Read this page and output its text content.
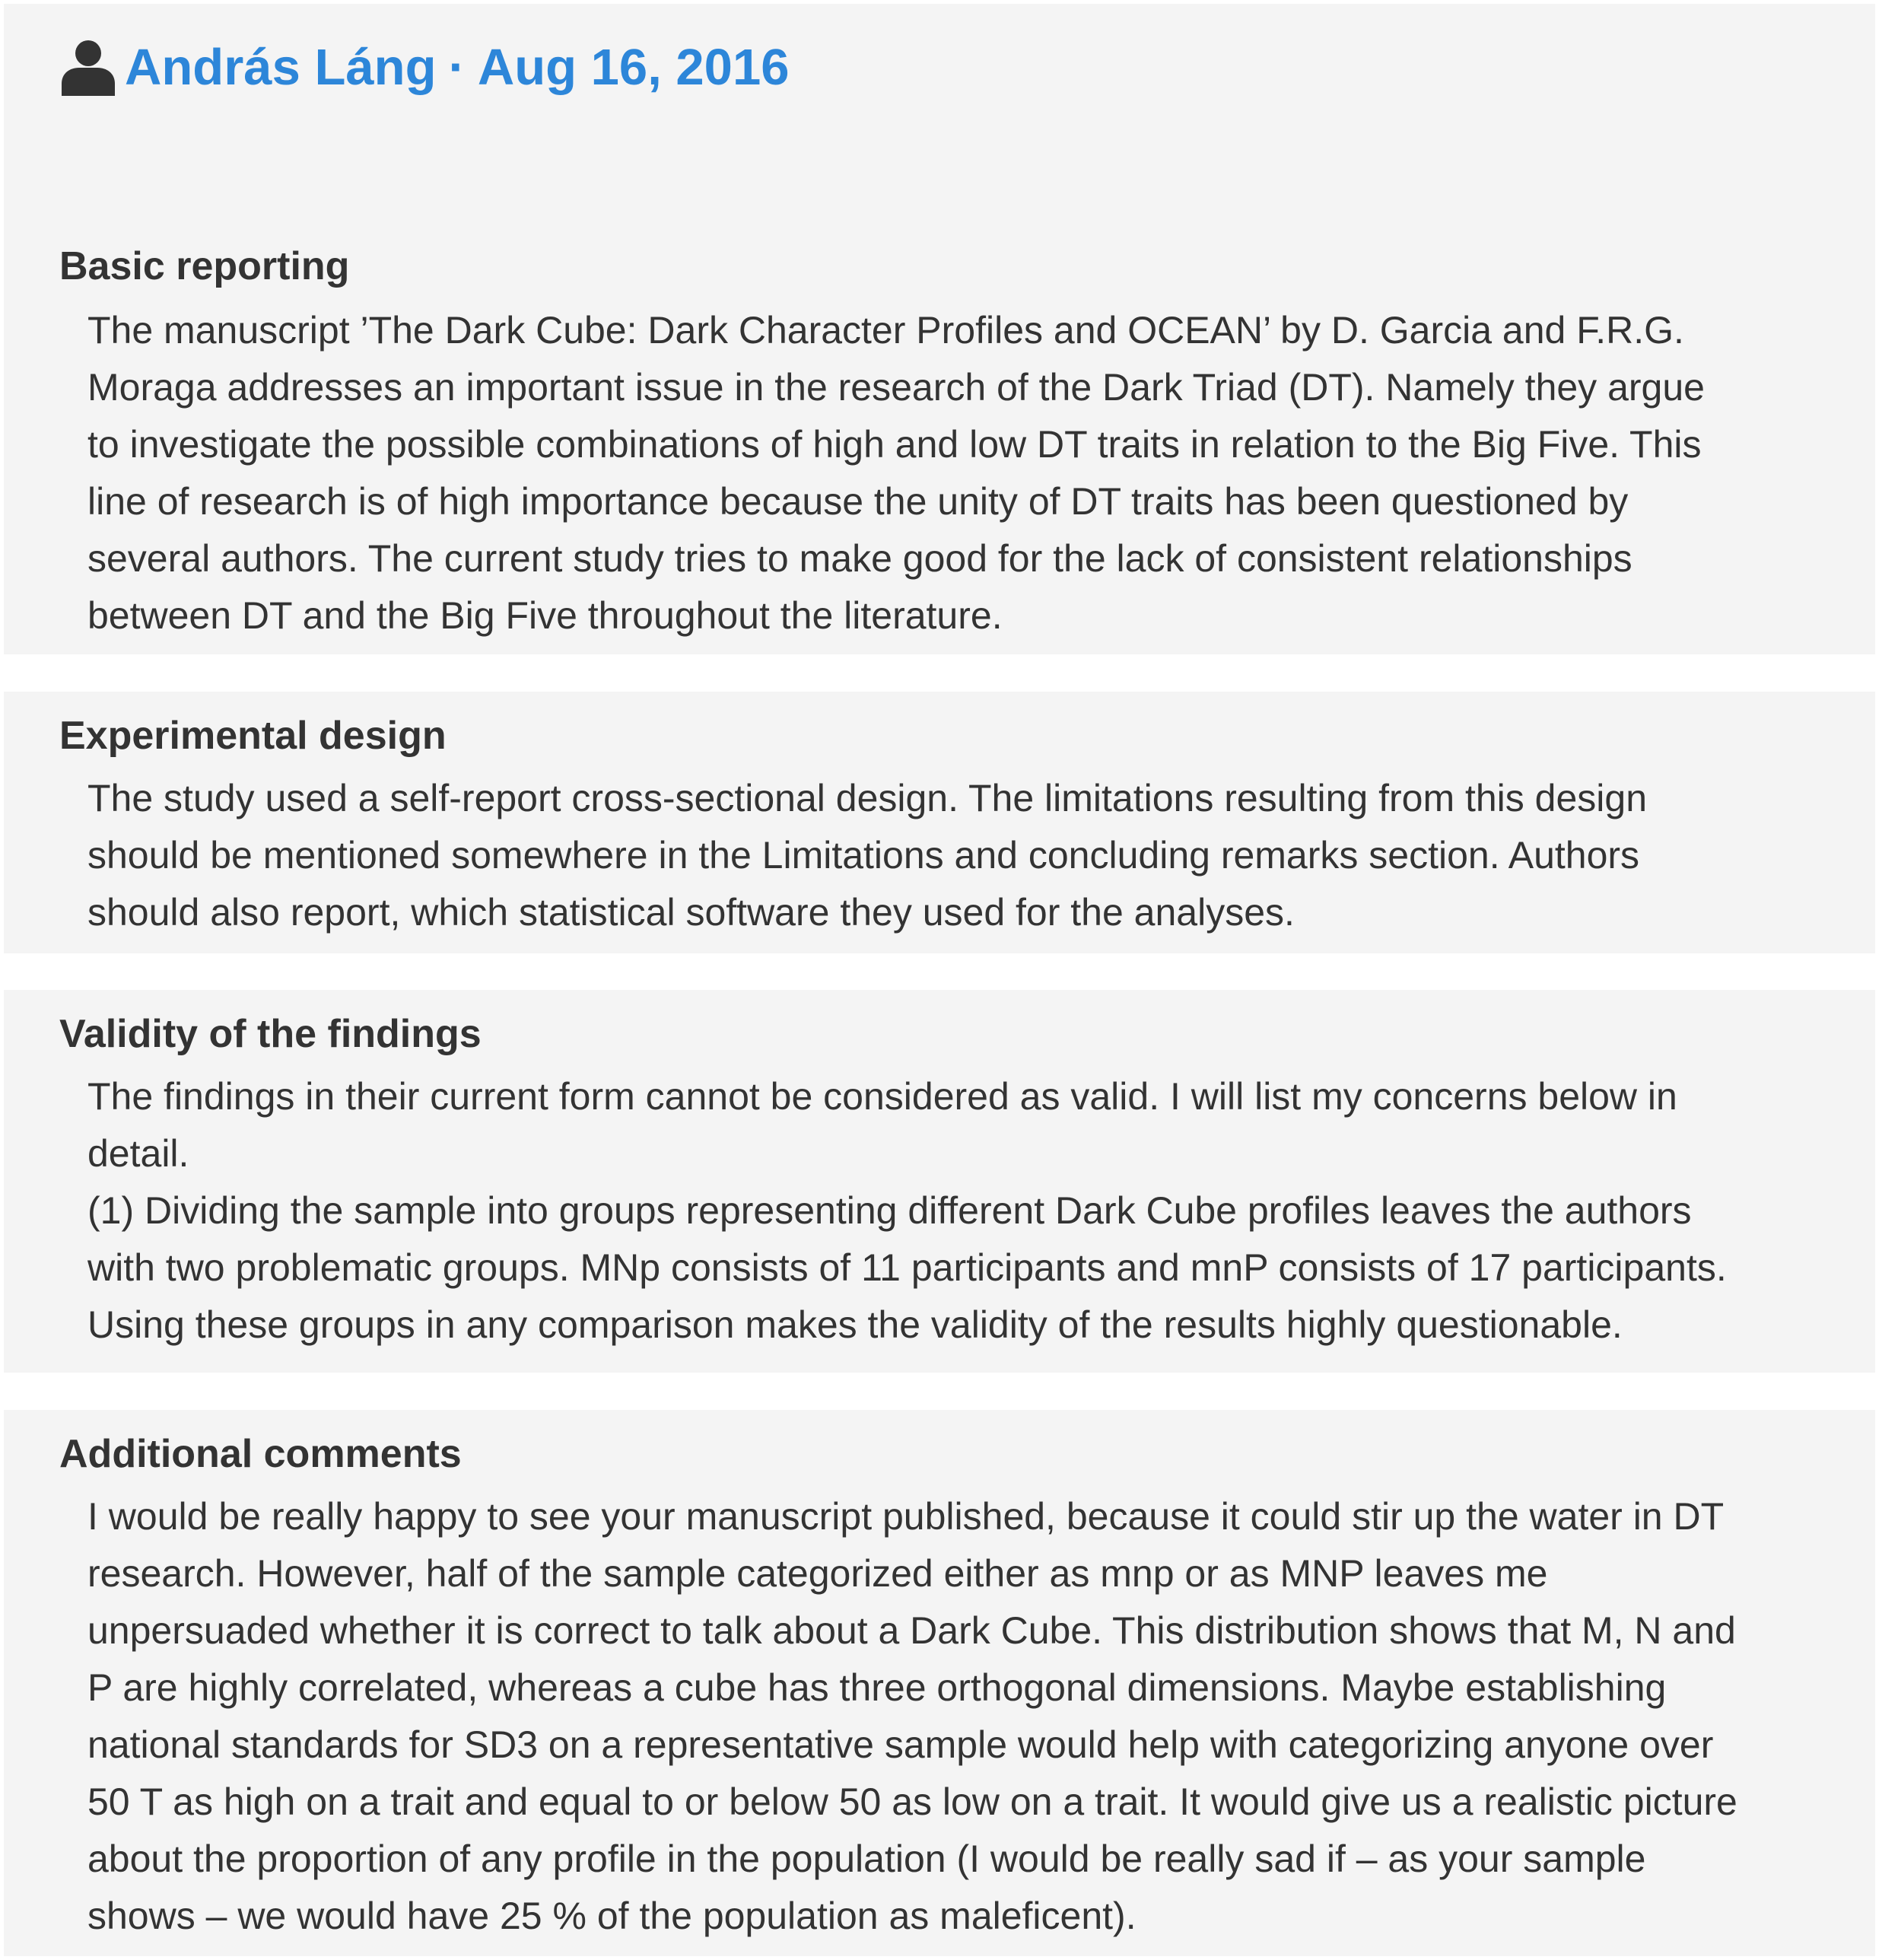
András Láng · Aug 16, 2016
Basic reporting
The manuscript ’The Dark Cube: Dark Character Profiles and OCEAN’ by D. Garcia and F.R.G.
Moraga addresses an important issue in the research of the Dark Triad (DT). Namely they argue
to investigate the possible combinations of high and low DT traits in relation to the Big Five. This
line of research is of high importance because the unity of DT traits has been questioned by
several authors. The current study tries to make good for the lack of consistent relationships
between DT and the Big Five throughout the literature.
Experimental design
The study used a self-report cross-sectional design. The limitations resulting from this design
should be mentioned somewhere in the Limitations and concluding remarks section. Authors
should also report, which statistical software they used for the analyses.
Validity of the findings
The findings in their current form cannot be considered as valid. I will list my concerns below in
detail.
(1) Dividing the sample into groups representing different Dark Cube profiles leaves the authors
with two problematic groups. MNp consists of 11 participants and mnP consists of 17 participants.
Using these groups in any comparison makes the validity of the results highly questionable.
Additional comments
I would be really happy to see your manuscript published, because it could stir up the water in DT
research. However, half of the sample categorized either as mnp or as MNP leaves me
unpersuaded whether it is correct to talk about a Dark Cube. This distribution shows that M, N and
P are highly correlated, whereas a cube has three orthogonal dimensions. Maybe establishing
national standards for SD3 on a representative sample would help with categorizing anyone over
50 T as high on a trait and equal to or below 50 as low on a trait. It would give us a realistic picture
about the proportion of any profile in the population (I would be really sad if – as your sample
shows – we would have 25 % of the population as maleficent).
